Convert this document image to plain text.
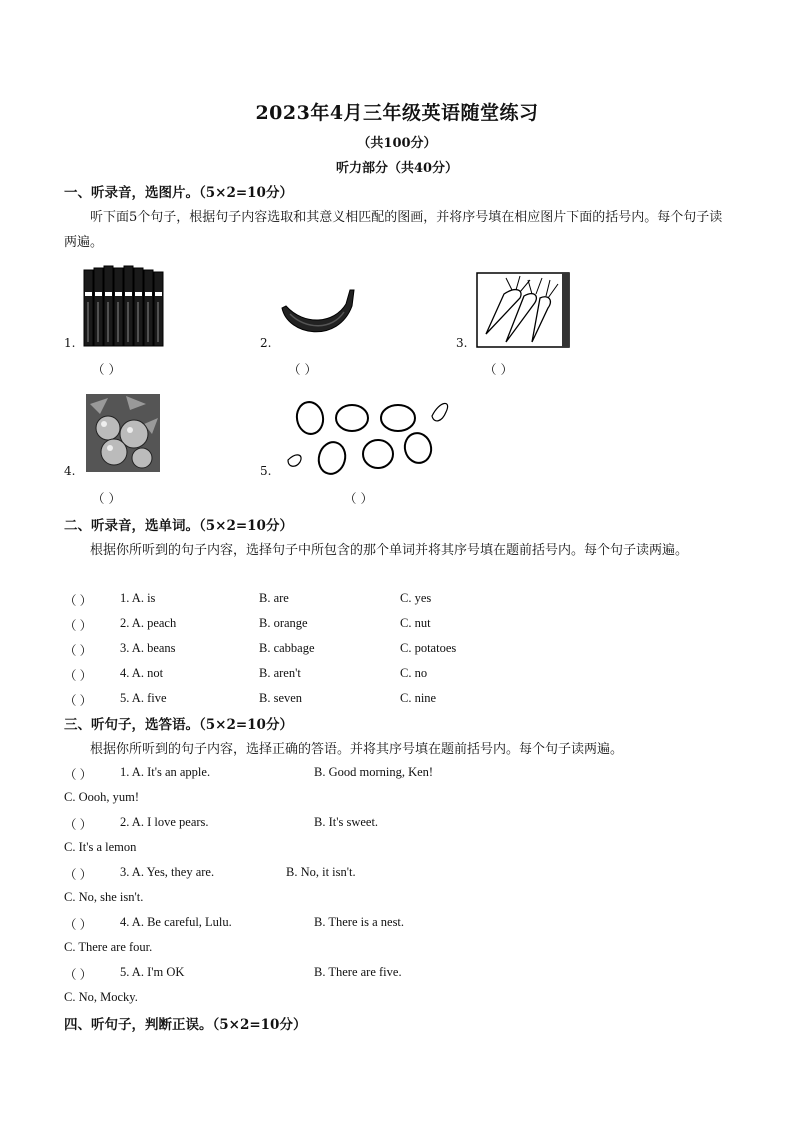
2023年4月三年级英语随堂练习
（共100分）
听力部分（共40分）
一、听录音，选图片。（5×2=10分）
听下面5个句子，根据句子内容选取和其意义相匹配的图画，并将序号填在相应图片下面的括号内。每个句子读两遍。
1.
（ ）
2.
（ ）
3.
（ ）
4.
（ ）
5.
（ ）
二、听录音，选单词。（5×2=10分）
根据你所听到的句子内容，选择句子中所包含的那个单词并将其序号填在题前括号内。每个句子读两遍。
（ ） 1. A. is	B. are	C. yes
（ ） 2. A. peach	B. orange	C. nut
（ ） 3. A. beans	B. cabbage	C. potatoes
（ ） 4. A. not	B. aren't	C. no
（ ） 5. A. five	B. seven	C. nine
三、听句子，选答语。（5×2=10分）
根据你所听到的句子内容，选择正确的答语。并将其序号填在题前括号内。每个句子读两遍。
（ ） 1. A. It's an apple.	B. Good morning, Ken!
C. Oooh, yum!
（ ） 2. A. I love pears.	B. It's sweet.
C. It's a lemon
（ ） 3. A. Yes, they are.	B. No, it isn't.
C. No, she isn't.
（ ） 4. A. Be careful, Lulu.	B. There is a nest.
C. There are four.
（ ） 5. A. I'm OK	B. There are five.
C. No, Mocky.
四、听句子，判断正误。（5×2=10分）
